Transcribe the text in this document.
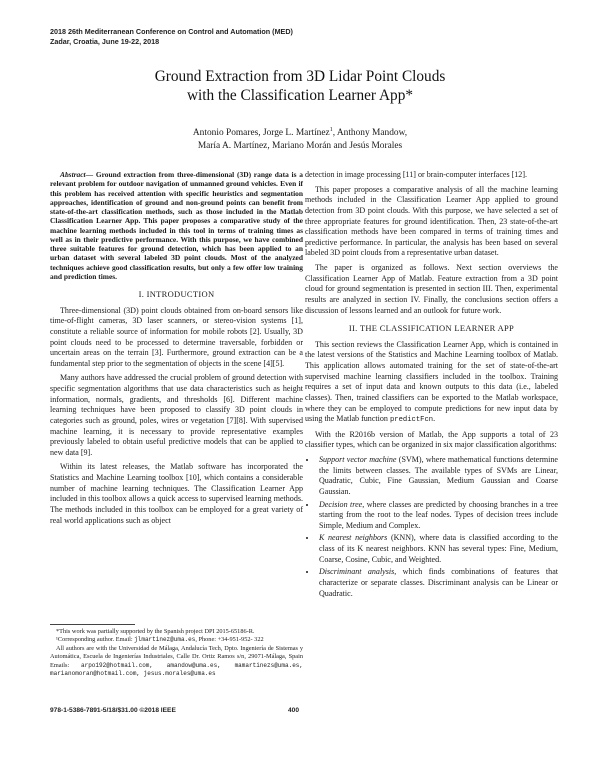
2018 26th Mediterranean Conference on Control and Automation (MED)
Zadar, Croatia, June 19-22, 2018
Ground Extraction from 3D Lidar Point Clouds
with the Classification Learner App*
Antonio Pomares, Jorge L. Martínez$^1$, Anthony Mandow,
María A. Martínez, Mariano Morán and Jesús Morales
Abstract— Ground extraction from three-dimensional (3D) range data is a relevant problem for outdoor navigation of unmanned ground vehicles. Even if this problem has received attention with specific heuristics and segmentation approaches, identification of ground and non-ground points can benefit from state-of-the-art classification methods, such as those included in the Matlab Classification Learner App. This paper proposes a comparative study of the machine learning methods included in this tool in terms of training times as well as in their predictive performance. With this purpose, we have combined three suitable features for ground detection, which has been applied to an urban dataset with several labeled 3D point clouds. Most of the analyzed techniques achieve good classification results, but only a few offer low training and prediction times.
I. INTRODUCTION

Three-dimensional (3D) point clouds obtained from on-board sensors like time-of-flight cameras, 3D laser scanners, or stereo-vision systems [1], constitute a reliable source of information for mobile robots [2]. Usually, 3D point clouds need to be processed to determine traversable, forbidden or uncertain areas on the terrain [3]. Furthermore, ground extraction can be a fundamental step prior to the segmentation of objects in the scene [4][5].

Many authors have addressed the crucial problem of ground detection with specific segmentation algorithms that use data characteristics such as height information, normals, gradients, and thresholds [6]. Different machine learning techniques have been proposed to classify 3D point clouds in categories such as ground, poles, wires or vegetation [7][8]. With supervised machine learning, it is necessary to provide representative examples previously labeled to obtain useful predictive models that can be applied to new data [9].

Within its latest releases, the Matlab software has incorporated the Statistics and Machine Learning toolbox [10], which contains a considerable number of machine learning techniques. The Classification Learner App included in this toolbox allows a quick access to supervised learning methods. The methods included in this toolbox can be employed for a great variety of real world applications such as object

*This work was partially supported by the Spanish project DPI 2015-65186-R.

¹Corresponding author. Email: jlmartinez@uma.es, Phone: +34-951-952- 322

All authors are with the Universidad de Málaga, Andalucía Tech, Dpto. Ingeniería de Sistemas y Automática, Escuela de Ingenierías Industriales, Calle Dr. Ortiz Ramos s/n, 29071-Málaga, Spain Emails: arpo192@hotmail.com, amandow@uma.es, mamartinezs@uma.es, marianomoran@hotmail.com, jesus.morales@uma.es

detection in image processing [11] or brain-computer interfaces [12].

This paper proposes a comparative analysis of all the machine learning methods included in the Classification Learner App applied to ground detection from 3D point clouds. With this purpose, we have selected a set of three appropriate features for ground identification. Then, 23 state-of-the-art classification methods have been compared in terms of training times and predictive performance. In particular, the analysis has been based on several labeled 3D point clouds from a representative urban dataset.

The paper is organized as follows. Next section overviews the Classification Learner App of Matlab. Feature extraction from a 3D point cloud for ground segmentation is presented in section III. Then, experimental results are analyzed in section IV. Finally, the conclusions section offers a discussion of lessons learned and an outlook for future work.

II. THE CLASSIFICATION LEARNER APP

This section reviews the Classification Learner App, which is contained in the latest versions of the Statistics and Machine Learning toolbox of Matlab. This application allows automated training for the set of state-of-the-art supervised machine learning classifiers included in the toolbox. Training requires a set of input data and known outputs to this data (i.e., labeled classes). Then, trained classifiers can be exported to the Matlab workspace, where they can be employed to compute predictions for new input data by using the Matlab function predictFcn.

With the R2016b version of Matlab, the App supports a total of 23 classifier types, which can be organized in six major classification algorithms:

• Support vector machine (SVM), where mathematical functions determine the limits between classes. The available types of SVMs are Linear, Quadratic, Cubic, Fine Gaussian, Medium Gaussian and Coarse Gaussian.
• Decision tree, where classes are predicted by choosing branches in a tree starting from the root to the leaf nodes. Types of decision trees include Simple, Medium and Complex.
• K nearest neighbors (KNN), where data is classified according to the class of its K nearest neighbors. KNN has several types: Fine, Medium, Coarse, Cosine, Cubic, and Weighted.
• Discriminant analysis, which finds combinations of features that characterize or separate classes. Discriminant analysis can be Linear or Quadratic.
978-1-5386-7891-5/18/$31.00 ©2018 IEEE	400
